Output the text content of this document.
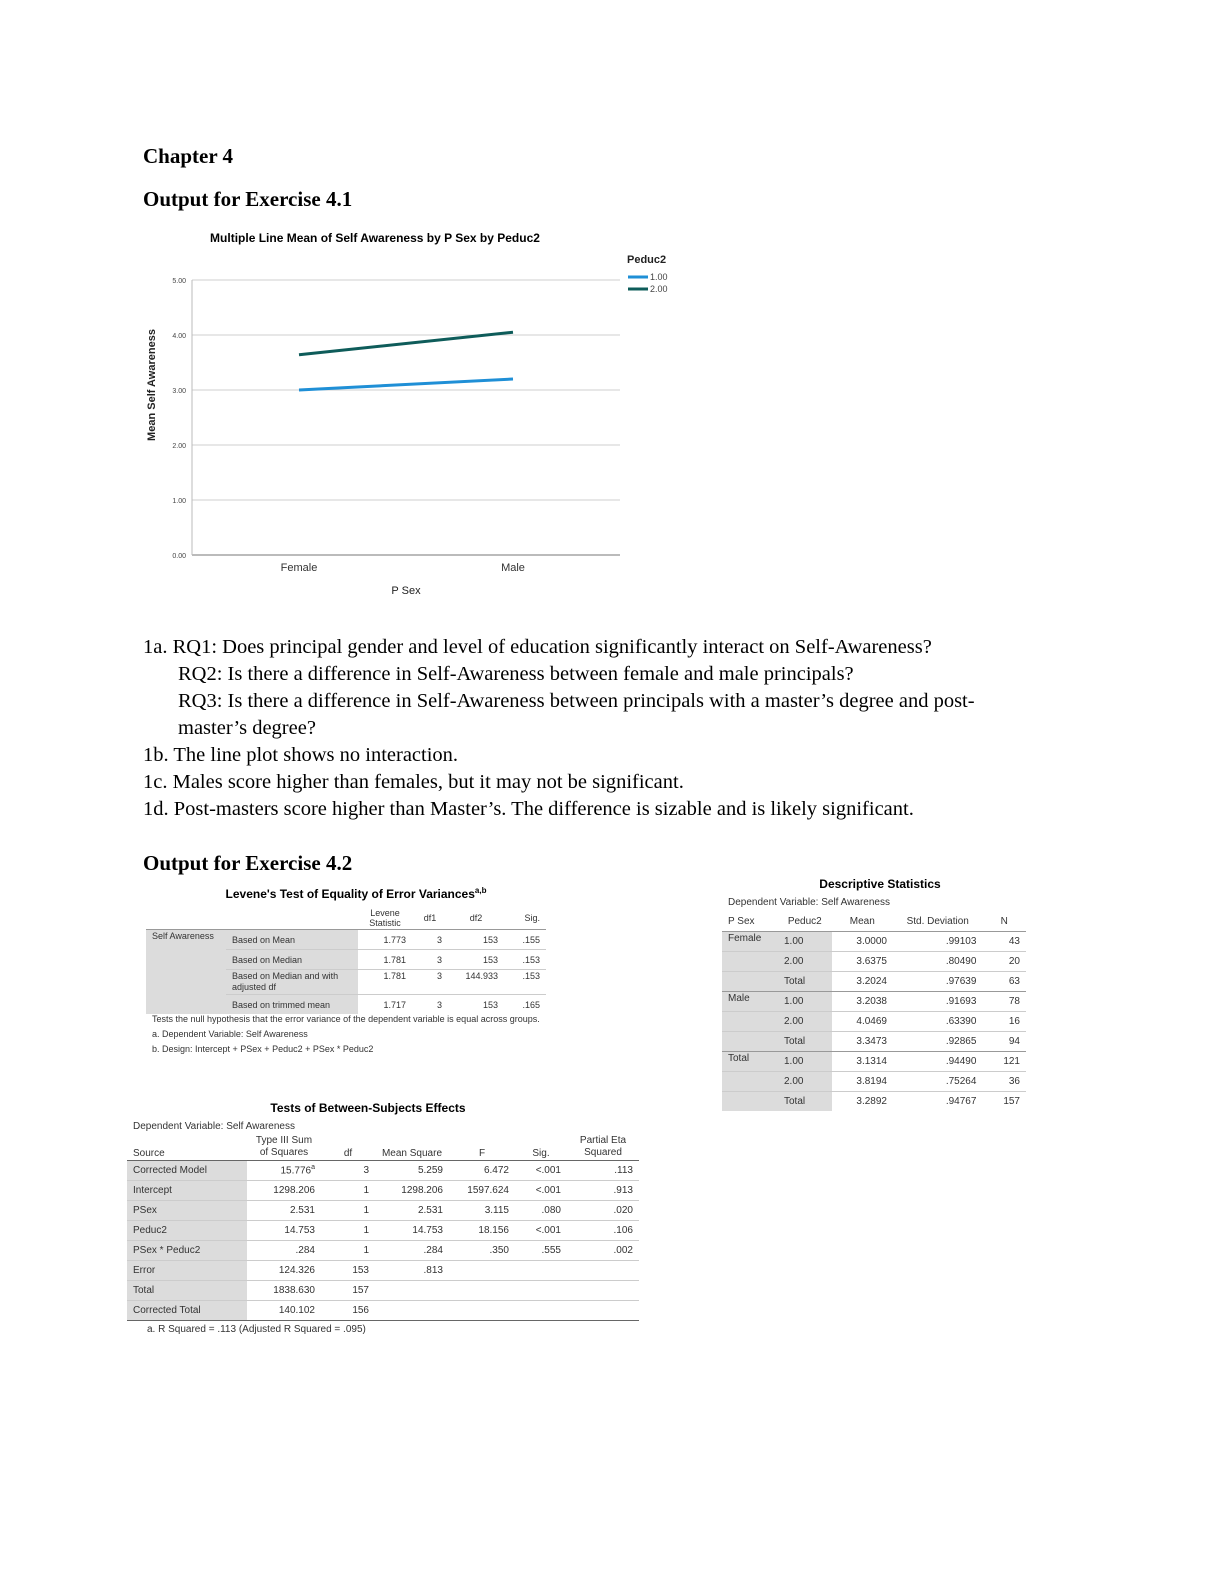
Chapter 4
Output for Exercise 4.1
Multiple Line Mean of Self Awareness by P Sex by Peduc2
0.00
1.00
2.00
3.00
4.00
5.00
Female	Male
Mean Self Awareness
P Sex
Peduc2
1.00
2.00

1a. RQ1: Does principal gender and level of education significantly interact on Self-Awareness?

RQ2: Is there a difference in Self-Awareness between female and male principals?

RQ3: Is there a difference in Self-Awareness between principals with a master’s degree and post-

master’s degree?

1b. The line plot shows no interaction.

1c. Males score higher than females, but it may not be significant.

1d. Post-masters score higher than Master’s. The difference is sizable and is likely significant.

Output for Exercise 4.2
Levene's Test of Equality of Error Variances$^{a,b}$
		Levene Statistic	df1	df2	Sig.
Self Awareness	Based on Mean	1.773	3	153	.155
	Based on Median	1.781	3	153	.153
	Based on Median and with adjusted df	1.781	3	144.933	.153
	Based on trimmed mean	1.717	3	153	.165
Tests the null hypothesis that the error variance of the dependent variable is equal across groups.
a. Dependent Variable: Self Awareness
b. Design: Intercept + PSex + Peduc2 + PSex * Peduc2
Descriptive Statistics
Dependent Variable: Self Awareness
P Sex	Peduc2	Mean	Std. Deviation	N
Female	1.00	3.0000	.99103	43
	2.00	3.6375	.80490	20
	Total	3.2024	.97639	63
Male	1.00	3.2038	.91693	78
	2.00	4.0469	.63390	16
	Total	3.3473	.92865	94
Total	1.00	3.1314	.94490	121
	2.00	3.8194	.75264	36
	Total	3.2892	.94767	157
Tests of Between-Subjects Effects
Dependent Variable: Self Awareness
Source	Type III Sum of Squares	df	Mean Square	F	Sig.	Partial Eta Squared
Corrected Model	15.776$^a$	3	5.259	6.472	<.001	.113
Intercept	1298.206	1	1298.206	1597.624	<.001	.913
PSex	2.531	1	2.531	3.115	.080	.020
Peduc2	14.753	1	14.753	18.156	<.001	.106
PSex * Peduc2	.284	1	.284	.350	.555	.002
Error	124.326	153	.813			
Total	1838.630	157				
Corrected Total	140.102	156				
a. R Squared = .113 (Adjusted R Squared = .095)
